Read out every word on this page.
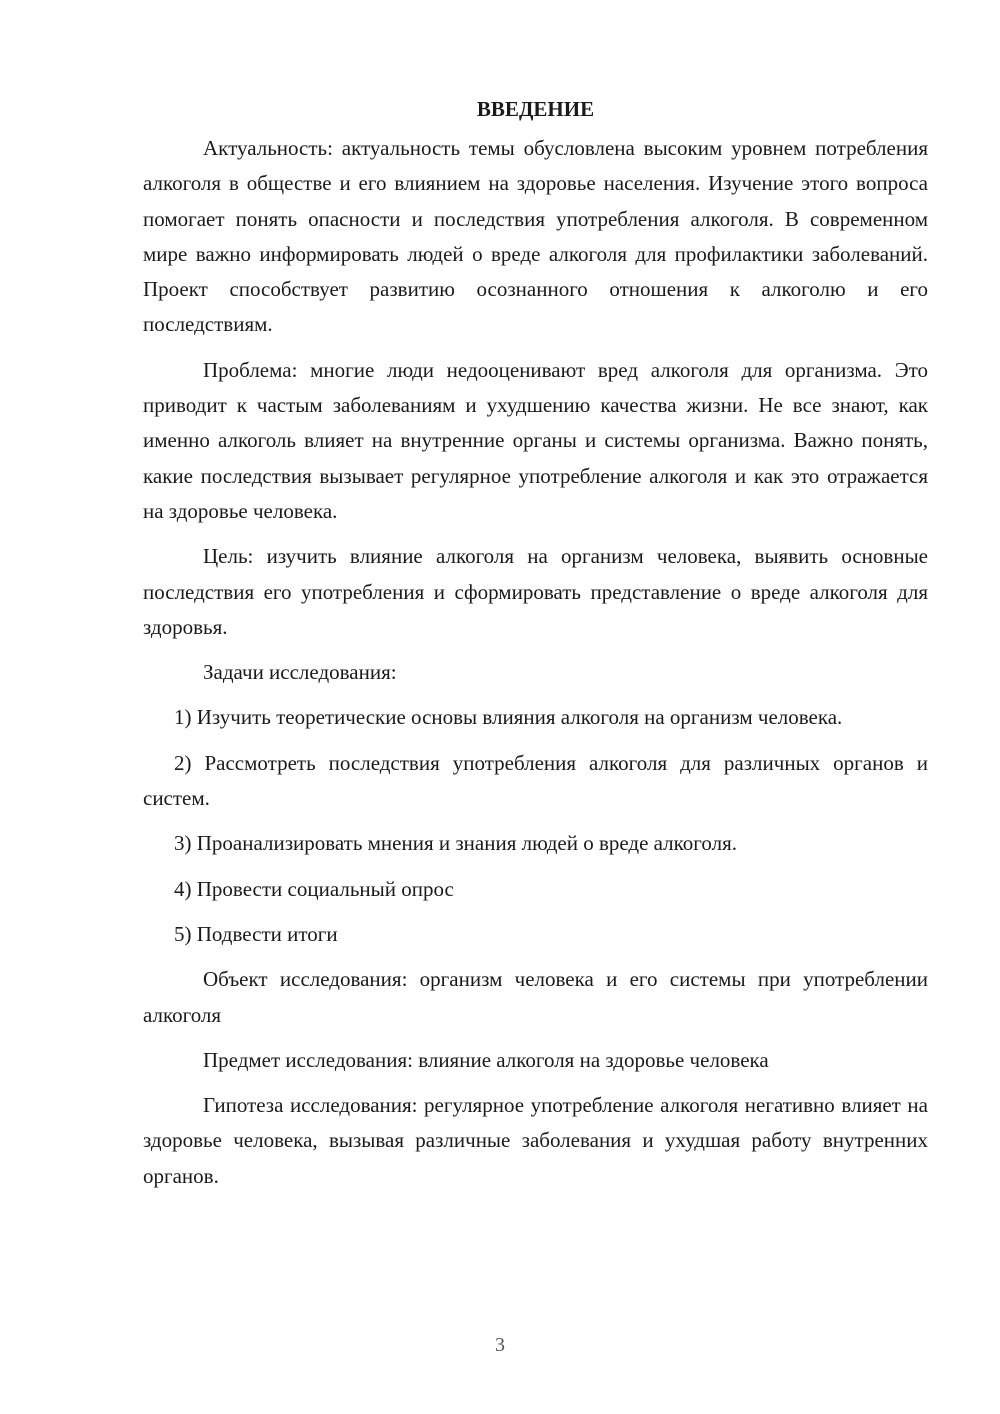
ВВЕДЕНИЕ

Актуальность: актуальность темы обусловлена высоким уровнем потребления алкоголя в обществе и его влиянием на здоровье населения. Изучение этого вопроса помогает понять опасности и последствия употребления алкоголя. В современном мире важно информировать людей о вреде алкоголя для профилактики заболеваний. Проект способствует развитию осознанного отношения к алкоголю и его последствиям.

Проблема: многие люди недооценивают вред алкоголя для организма. Это приводит к частым заболеваниям и ухудшению качества жизни. Не все знают, как именно алкоголь влияет на внутренние органы и системы организма. Важно понять, какие последствия вызывает регулярное употребление алкоголя и как это отражается на здоровье человека.

Цель: изучить влияние алкоголя на организм человека, выявить основные последствия его употребления и сформировать представление о вреде алкоголя для здоровья.

Задачи исследования:

1) Изучить теоретические основы влияния алкоголя на организм человека.

2) Рассмотреть последствия употребления алкоголя для различных органов и систем.

3) Проанализировать мнения и знания людей о вреде алкоголя.

4) Провести социальный опрос

5) Подвести итоги

Объект исследования: организм человека и его системы при употреблении алкоголя

Предмет исследования: влияние алкоголя на здоровье человека

Гипотеза исследования: регулярное употребление алкоголя негативно влияет на здоровье человека, вызывая различные заболевания и ухудшая работу внутренних органов.

3
